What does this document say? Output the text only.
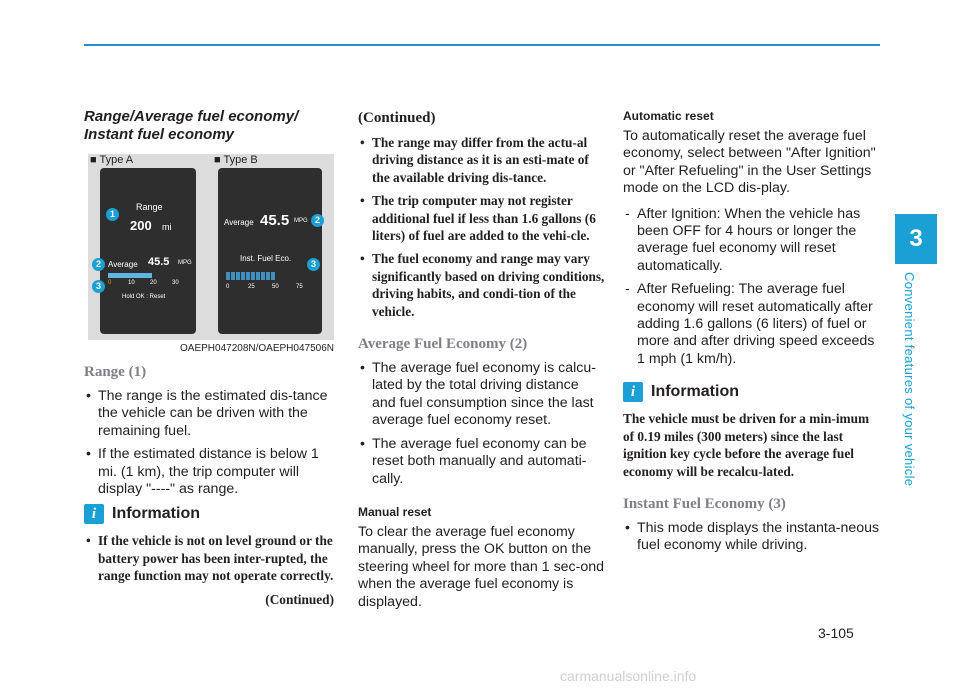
3
Convenient features of your vehicle
3-105
Range/Average fuel economy/ Instant fuel economy
■ Type A	■ Type B
Range
200 mi
Average 45.5 MPG
0	10	20	30
Hold OK : Reset
Average 45.5 MPG
Inst. Fuel Eco.
0	25	50	75
1
2
3
2
3
OAEPH047208N/OAEPH047506N
Range (1)
• The range is the estimated dis-tance the vehicle can be driven with the remaining fuel.
• If the estimated distance is below 1 mi. (1 km), the trip computer will display "----" as range.
i Information
• If the vehicle is not on level ground or the battery power has been inter-rupted, the range function may not operate correctly.
(Continued)
(Continued)
• The range may differ from the actu-al driving distance as it is an esti-mate of the available driving dis-tance.
• The trip computer may not register additional fuel if less than 1.6 gallons (6 liters) of fuel are added to the vehi-cle.
• The fuel economy and range may vary significantly based on driving conditions, driving habits, and condi-tion of the vehicle.
Average Fuel Economy (2)
• The average fuel economy is calcu-lated by the total driving distance and fuel consumption since the last average fuel economy reset.
• The average fuel economy can be reset both manually and automati-cally.
Manual reset

To clear the average fuel economy manually, press the OK button on the steering wheel for more than 1 sec-ond when the average fuel economy is displayed.

Automatic reset

To automatically reset the average fuel economy, select between "After Ignition" or "After Refueling" in the User Settings mode on the LCD dis-play.

- After Ignition: When the vehicle has been OFF for 4 hours or longer the average fuel economy will reset automatically.
- After Refueling: The average fuel economy will reset automatically after adding 1.6 gallons (6 liters) of fuel or more and after driving speed exceeds 1 mph (1 km/h).
i Information

The vehicle must be driven for a min-imum of 0.19 miles (300 meters) since the last ignition key cycle before the average fuel economy will be recalcu-lated.

Instant Fuel Economy (3)
• This mode displays the instanta-neous fuel economy while driving.
carmanualsonline.info
